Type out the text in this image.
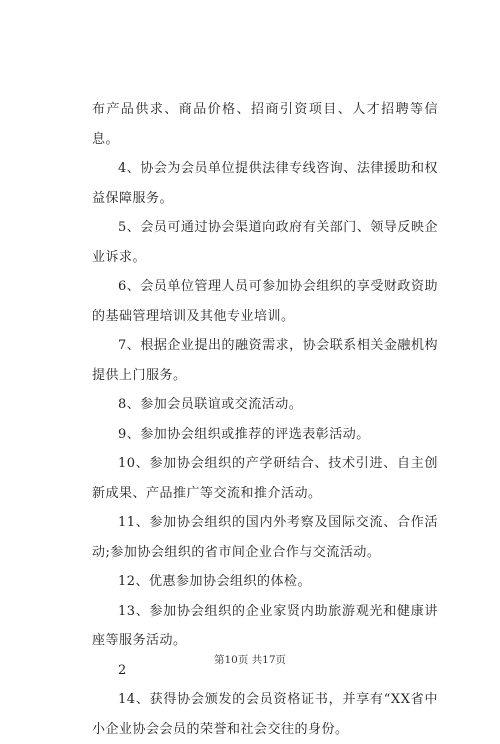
布产品供求、商品价格、招商引资项目、人才招聘等信息。

4、协会为会员单位提供法律专线咨询、法律援助和权益保障服务。

5、会员可通过协会渠道向政府有关部门、领导反映企业诉求。

6、会员单位管理人员可参加协会组织的享受财政资助的基础管理培训及其他专业培训。

7、根据企业提出的融资需求，协会联系相关金融机构提供上门服务。

8、参加会员联谊或交流活动。

9、参加协会组织或推荐的评选表彰活动。

10、参加协会组织的产学研结合、技术引进、自主创新成果、产品推广等交流和推介活动。

11、参加协会组织的国内外考察及国际交流、合作活动;参加协会组织的省市间企业合作与交流活动。

12、优惠参加协会组织的体检。

13、参加协会组织的企业家贤内助旅游观光和健康讲座等服务活动。

2

14、获得协会颁发的会员资格证书，并享有“XX省中小企业协会会员的荣誉和社会交往的身份。

第10页 共17页
